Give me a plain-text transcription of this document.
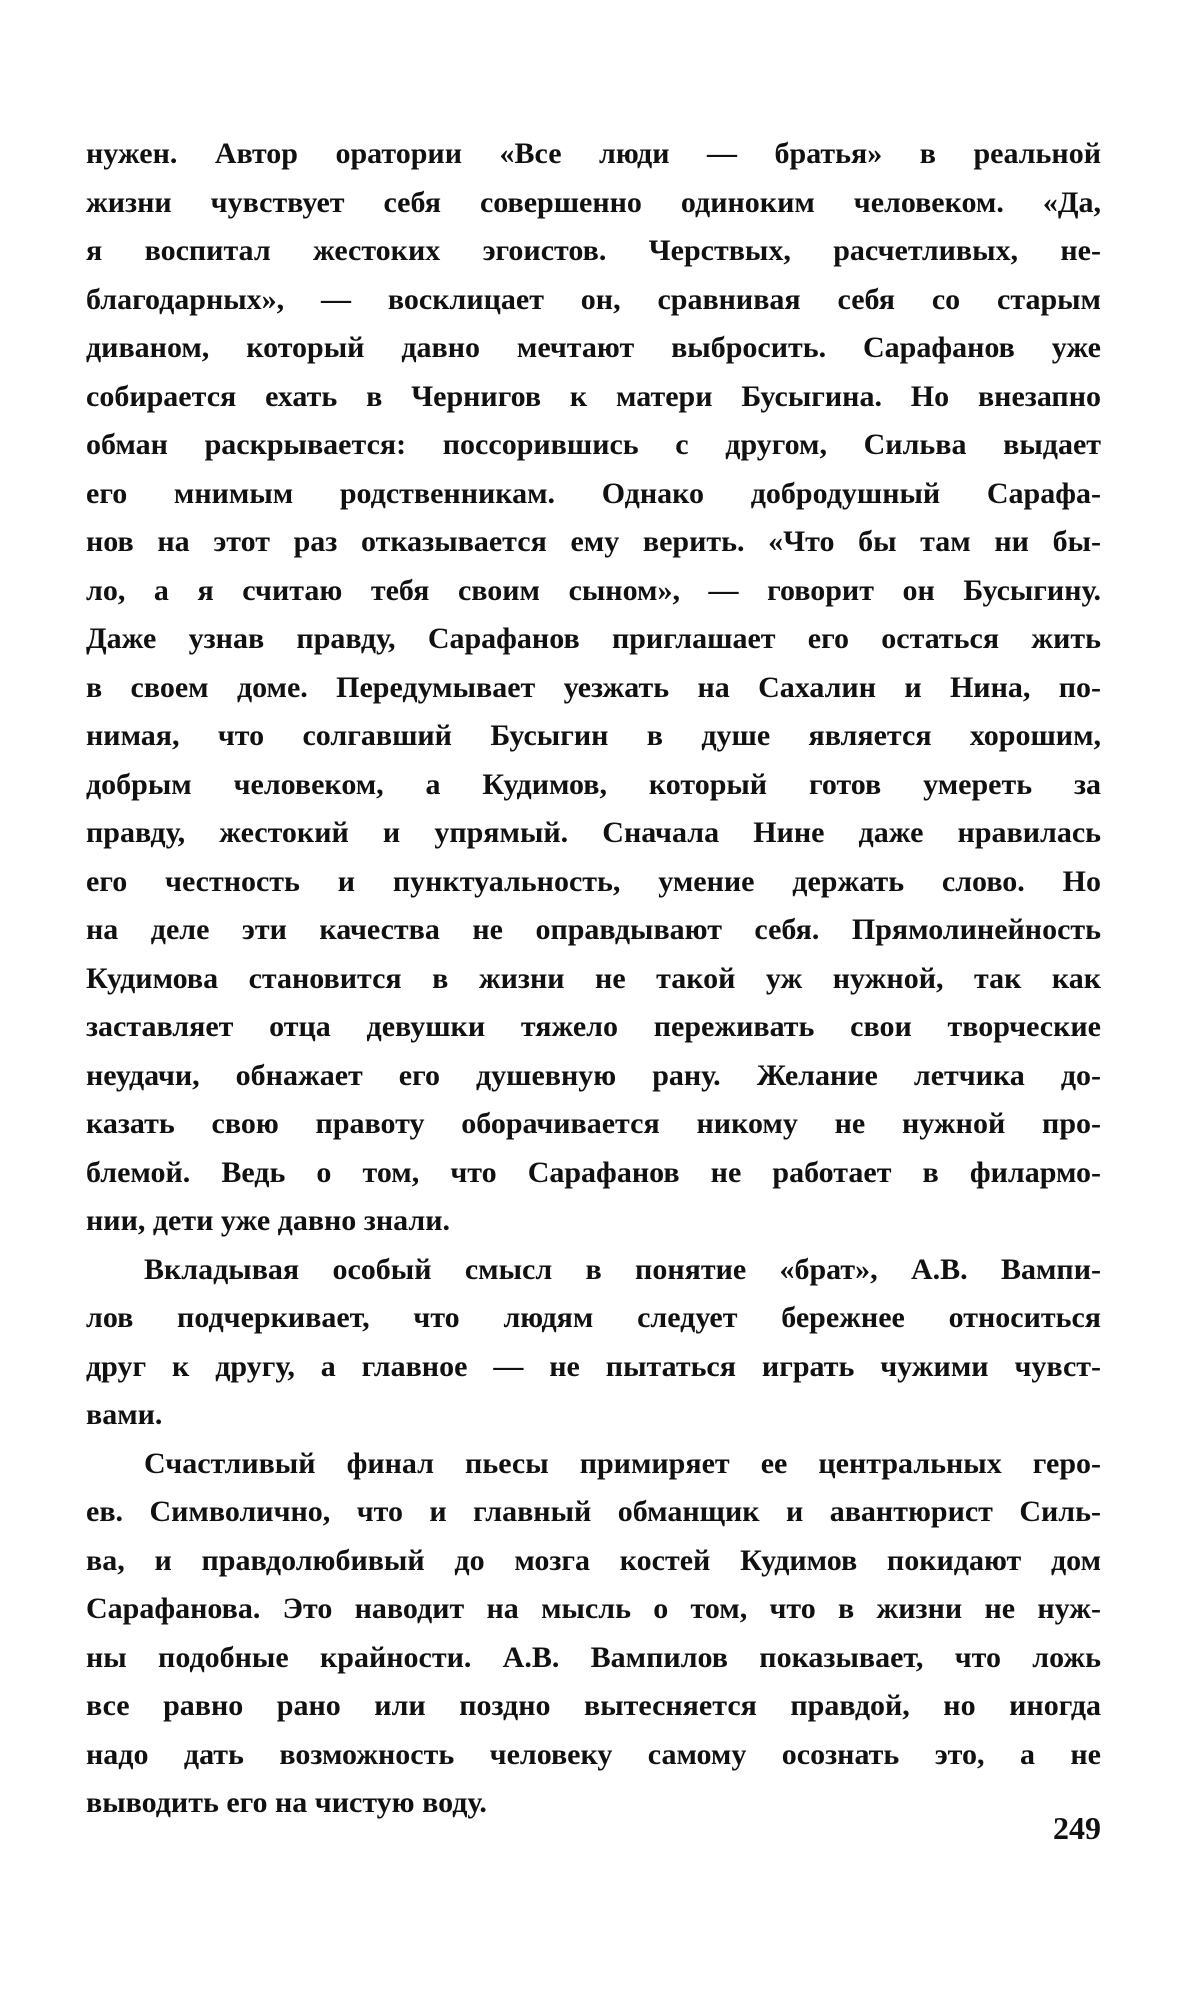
нужен. Автор оратории «Все люди — братья» в реальной
жизни чувствует себя совершенно одиноким человеком. «Да,
я воспитал жестоких эгоистов. Черствых, расчетливых, не-
благодарных», — восклицает он, сравнивая себя со старым
диваном, который давно мечтают выбросить. Сарафанов уже
собирается ехать в Чернигов к матери Бусыгина. Но внезапно
обман раскрывается: поссорившись с другом, Сильва выдает
его мнимым родственникам. Однако добродушный Сарафа-
нов на этот раз отказывается ему верить. «Что бы там ни бы-
ло, а я считаю тебя своим сыном», — говорит он Бусыгину.
Даже узнав правду, Сарафанов приглашает его остаться жить
в своем доме. Передумывает уезжать на Сахалин и Нина, по-
нимая, что солгавший Бусыгин в душе является хорошим,
добрым человеком, а Кудимов, который готов умереть за
правду, жестокий и упрямый. Сначала Нине даже нравилась
его честность и пунктуальность, умение держать слово. Но
на деле эти качества не оправдывают себя. Прямолинейность
Кудимова становится в жизни не такой уж нужной, так как
заставляет отца девушки тяжело переживать свои творческие
неудачи, обнажает его душевную рану. Желание летчика до-
казать свою правоту оборачивается никому не нужной про-
блемой. Ведь о том, что Сарафанов не работает в филармо-
нии, дети уже давно знали.
Вкладывая особый смысл в понятие «брат», А.В. Вампи-
лов подчеркивает, что людям следует бережнее относиться
друг к другу, а главное — не пытаться играть чужими чувст-
вами.
Счастливый финал пьесы примиряет ее центральных геро-
ев. Символично, что и главный обманщик и авантюрист Силь-
ва, и правдолюбивый до мозга костей Кудимов покидают дом
Сарафанова. Это наводит на мысль о том, что в жизни не нуж-
ны подобные крайности. А.В. Вампилов показывает, что ложь
все равно рано или поздно вытесняется правдой, но иногда
надо дать возможность человеку самому осознать это, а не
выводить его на чистую воду.
249
